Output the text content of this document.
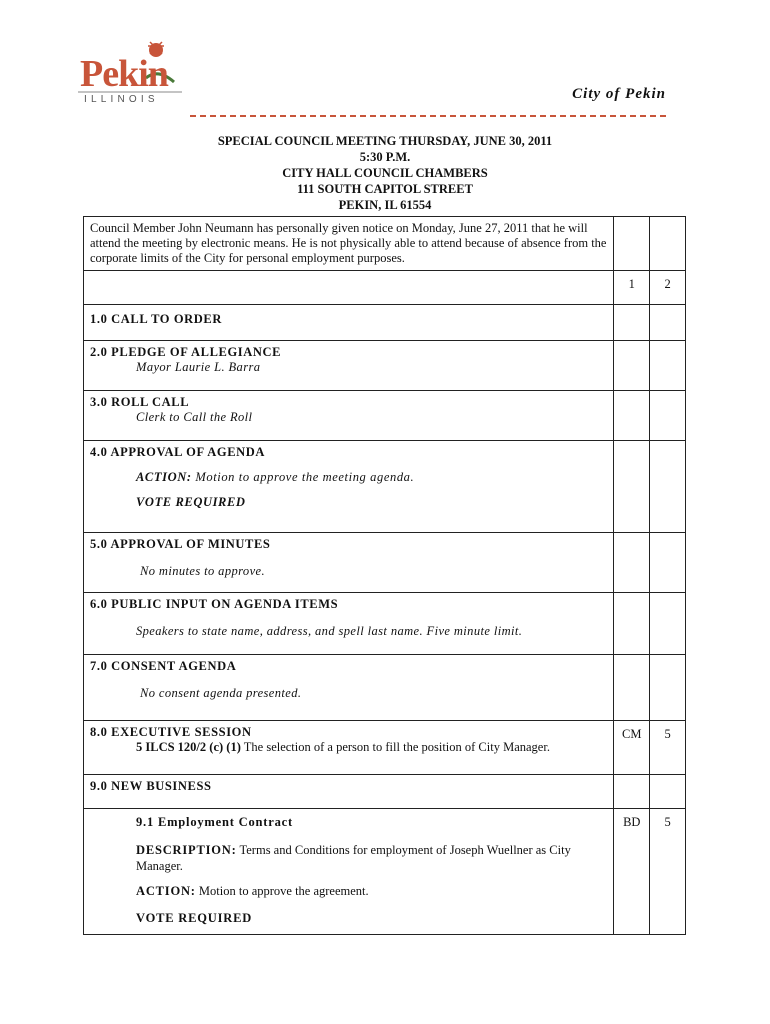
Pekin
ILLINOIS	City of Pekin
SPECIAL COUNCIL MEETING THURSDAY, JUNE 30, 2011
5:30 P.M.
CITY HALL COUNCIL CHAMBERS
111 SOUTH CAPITOL STREET
PEKIN, IL 61554
Council Member John Neumann has personally given notice on Monday, June 27, 2011 that he will attend the meeting by electronic means. He is not physically able to attend because of absence from the corporate limits of the City for personal employment purposes.		
	1	2

1.0 CALL TO ORDER		

2.0 PLEDGE OF ALLEGIANCE
Mayor Laurie L. Barra		

3.0 ROLL CALL
Clerk to Call the Roll		

4.0 APPROVAL OF AGENDA
ACTION: Motion to approve the meeting agenda.
VOTE REQUIRED		

5.0 APPROVAL OF MINUTES
No minutes to approve.		

6.0 PUBLIC INPUT ON AGENDA ITEMS
Speakers to state name, address, and spell last name. Five minute limit.		

7.0 CONSENT AGENDA
No consent agenda presented.		

8.0 EXECUTIVE SESSION
5 ILCS 120/2 (c) (1) The selection of a person to fill the position of City Manager.	CM	5

9.0 NEW BUSINESS		

9.1 Employment Contract
DESCRIPTION: Terms and Conditions for employment of Joseph Wuellner as City Manager.
ACTION: Motion to approve the agreement.
VOTE REQUIRED	BD	5
